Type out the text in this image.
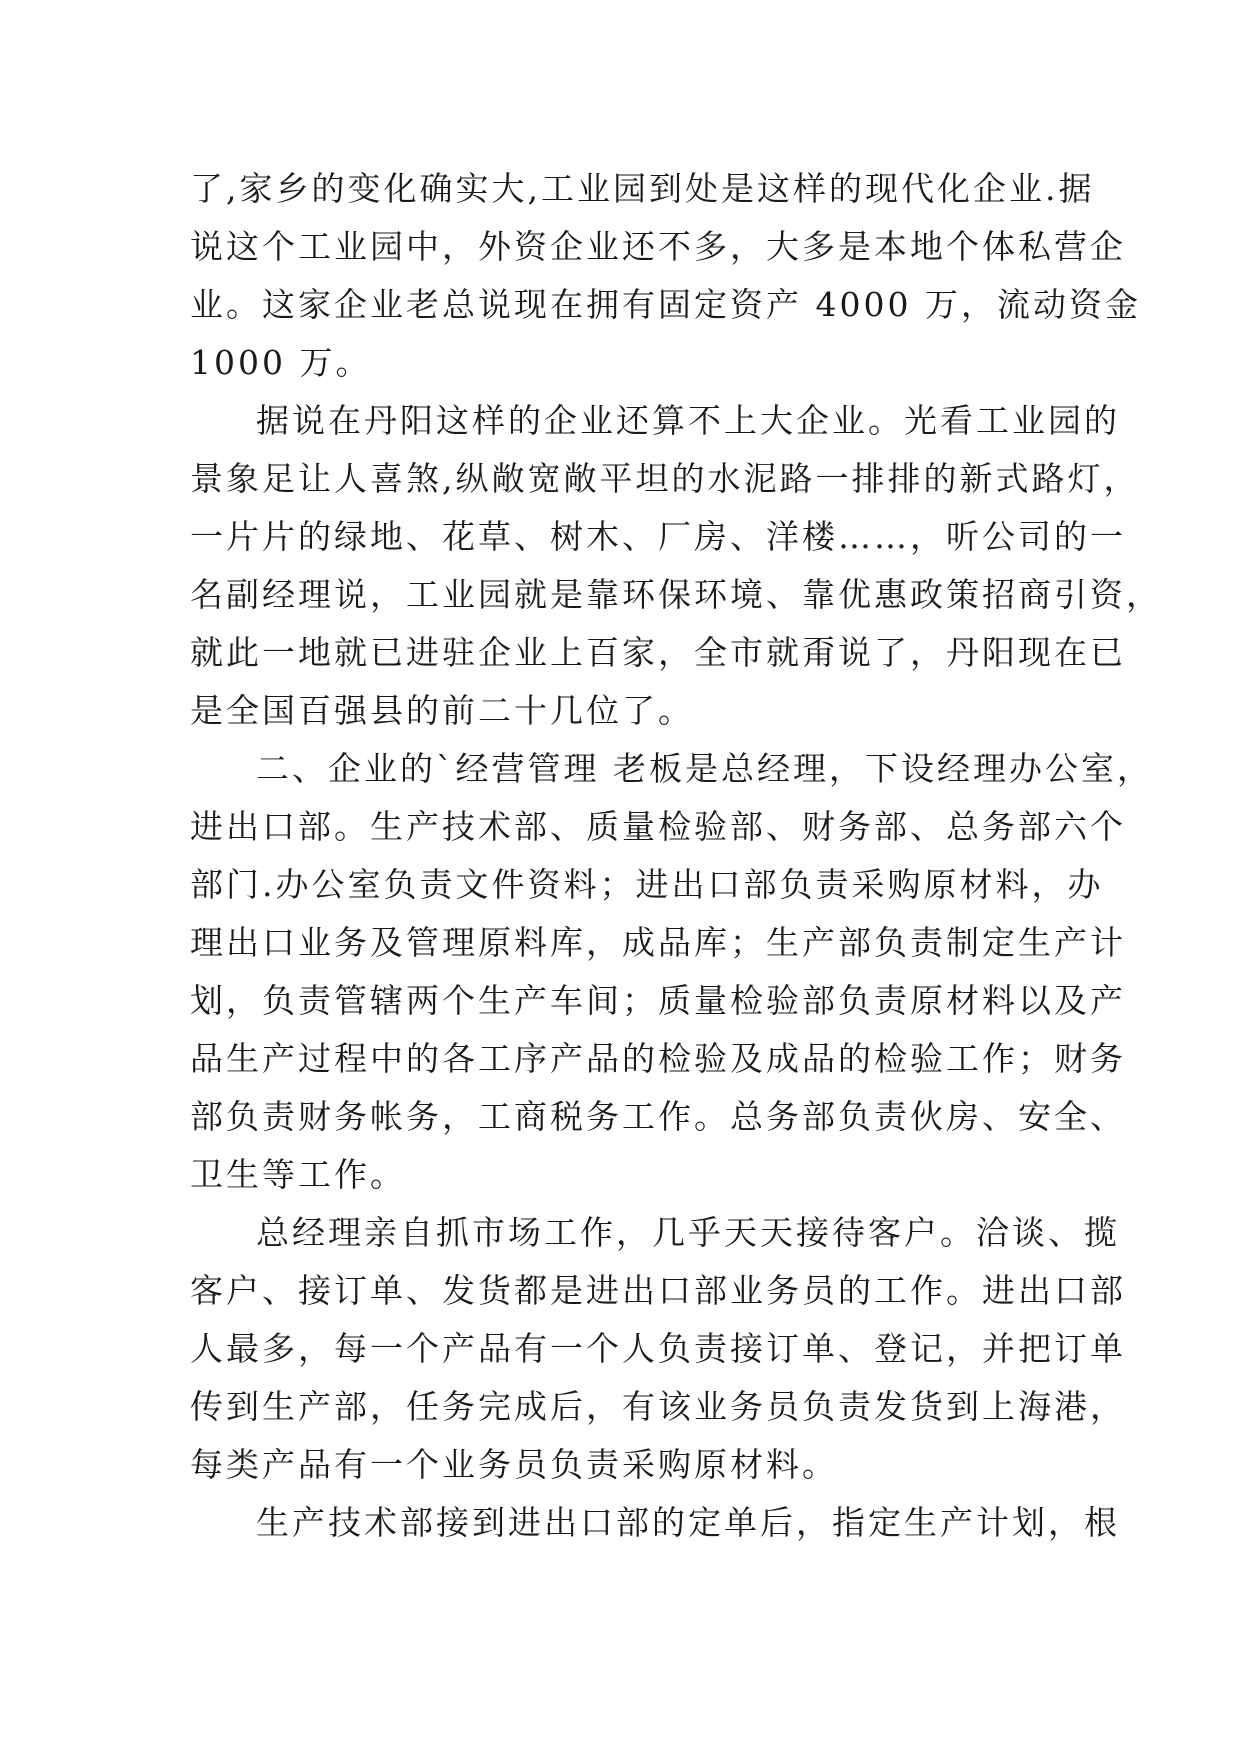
了,家乡的变化确实大,工业园到处是这样的现代化企业.据
说这个工业园中，外资企业还不多，大多是本地个体私营企
业。这家企业老总说现在拥有固定资产 4000 万，流动资金
1000 万。
据说在丹阳这样的企业还算不上大企业。光看工业园的
景象足让人喜煞,纵敞宽敞平坦的水泥路一排排的新式路灯，
一片片的绿地、花草、树木、厂房、洋楼……，听公司的一
名副经理说，工业园就是靠环保环境、靠优惠政策招商引资，
就此一地就已进驻企业上百家，全市就甭说了，丹阳现在已
是全国百强县的前二十几位了。
二、企业的`经营管理 老板是总经理，下设经理办公室，
进出口部。生产技术部、质量检验部、财务部、总务部六个
部门.办公室负责文件资料；进出口部负责采购原材料，办
理出口业务及管理原料库，成品库；生产部负责制定生产计
划，负责管辖两个生产车间；质量检验部负责原材料以及产
品生产过程中的各工序产品的检验及成品的检验工作；财务
部负责财务帐务，工商税务工作。总务部负责伙房、安全、
卫生等工作。
总经理亲自抓市场工作，几乎天天接待客户。洽谈、揽
客户、接订单、发货都是进出口部业务员的工作。进出口部
人最多，每一个产品有一个人负责接订单、登记，并把订单
传到生产部，任务完成后，有该业务员负责发货到上海港，
每类产品有一个业务员负责采购原材料。
生产技术部接到进出口部的定单后，指定生产计划，根
